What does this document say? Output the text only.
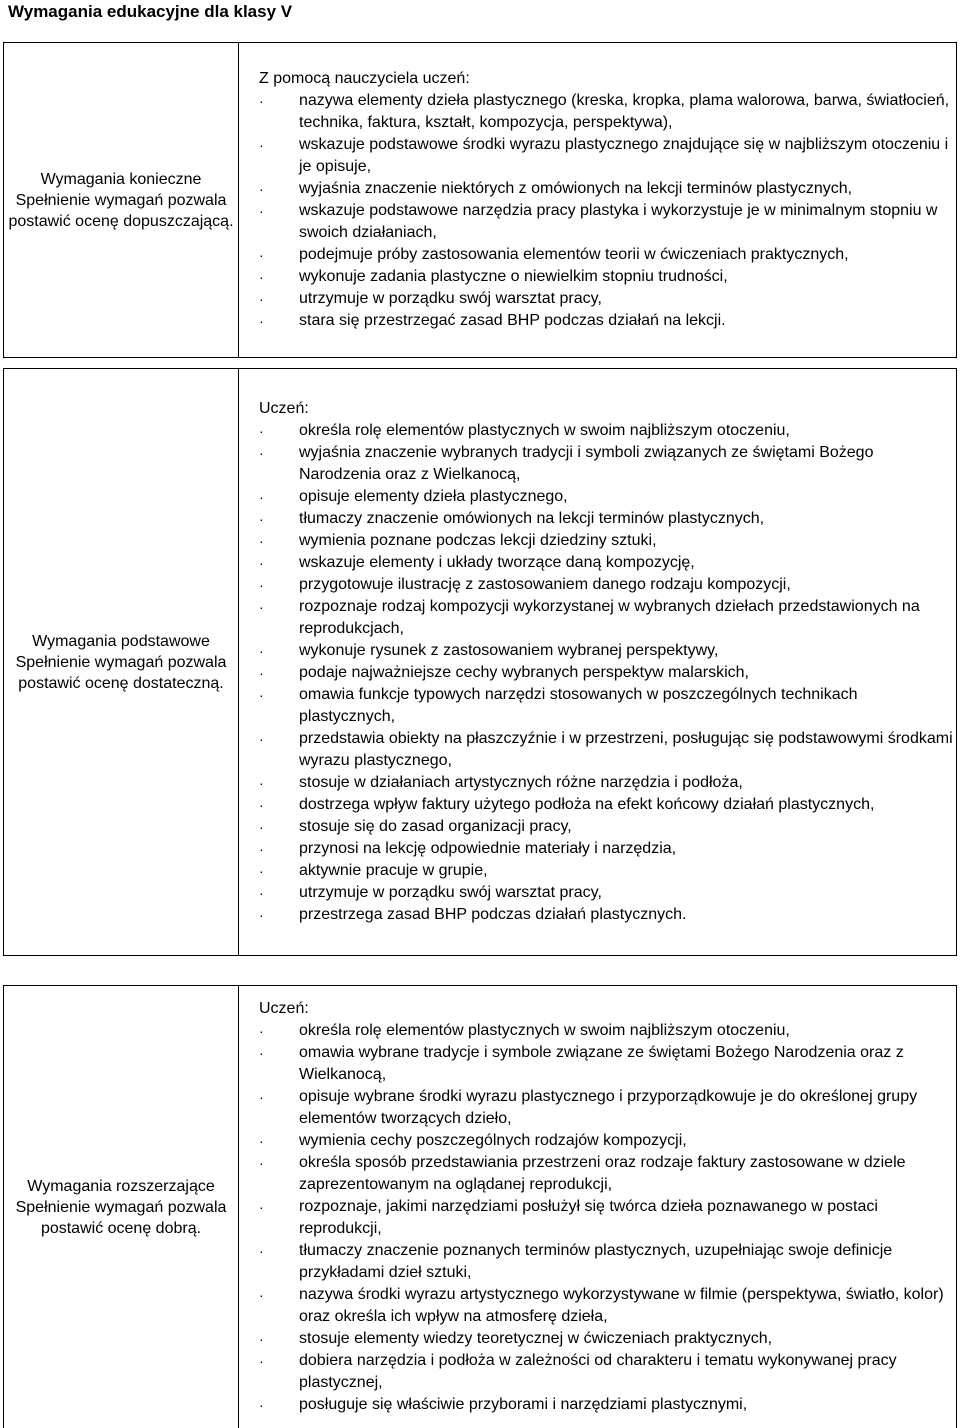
Wymagania edukacyjne dla klasy V
Wymagania konieczne
Spełnienie wymagań pozwala postawić ocenę dopuszczającą.

Z pomocą nauczyciela uczeń:
· nazywa elementy dzieła plastycznego (kreska, kropka, plama walorowa, barwa, światłocień, technika, faktura, kształt, kompozycja, perspektywa),
· wskazuje podstawowe środki wyrazu plastycznego znajdujące się w najbliższym otoczeniu i je opisuje,
· wyjaśnia znaczenie niektórych z omówionych na lekcji terminów plastycznych,
· wskazuje podstawowe narzędzia pracy plastyka i wykorzystuje je w minimalnym stopniu w swoich działaniach,
· podejmuje próby zastosowania elementów teorii w ćwiczeniach praktycznych,
· wykonuje zadania plastyczne o niewielkim stopniu trudności,
· utrzymuje w porządku swój warsztat pracy,
· stara się przestrzegać zasad BHP podczas działań na lekcji.
Wymagania podstawowe
Spełnienie wymagań pozwala postawić ocenę dostateczną.

Uczeń:
· określa rolę elementów plastycznych w swoim najbliższym otoczeniu,
· wyjaśnia znaczenie wybranych tradycji i symboli związanych ze świętami Bożego Narodzenia oraz z Wielkanocą,
· opisuje elementy dzieła plastycznego,
· tłumaczy znaczenie omówionych na lekcji terminów plastycznych,
· wymienia poznane podczas lekcji dziedziny sztuki,
· wskazuje elementy i układy tworzące daną kompozycję,
· przygotowuje ilustrację z zastosowaniem danego rodzaju kompozycji,
· rozpoznaje rodzaj kompozycji wykorzystanej w wybranych dziełach przedstawionych na reprodukcjach,
· wykonuje rysunek z zastosowaniem wybranej perspektywy,
· podaje najważniejsze cechy wybranych perspektyw malarskich,
· omawia funkcje typowych narzędzi stosowanych w poszczególnych technikach plastycznych,
· przedstawia obiekty na płaszczyźnie i w przestrzeni, posługując się podstawowymi środkami wyrazu plastycznego,
· stosuje w działaniach artystycznych różne narzędzia i podłoża,
· dostrzega wpływ faktury użytego podłoża na efekt końcowy działań plastycznych,
· stosuje się do zasad organizacji pracy,
· przynosi na lekcję odpowiednie materiały i narzędzia,
· aktywnie pracuje w grupie,
· utrzymuje w porządku swój warsztat pracy,
· przestrzega zasad BHP podczas działań plastycznych.
Wymagania rozszerzające
Spełnienie wymagań pozwala postawić ocenę dobrą.

Uczeń:
· określa rolę elementów plastycznych w swoim najbliższym otoczeniu,
· omawia wybrane tradycje i symbole związane ze świętami Bożego Narodzenia oraz z Wielkanocą,
· opisuje wybrane środki wyrazu plastycznego i przyporządkowuje je do określonej grupy elementów tworzących dzieło,
· wymienia cechy poszczególnych rodzajów kompozycji,
· określa sposób przedstawiania przestrzeni oraz rodzaje faktury zastosowane w dziele zaprezentowanym na oglądanej reprodukcji,
· rozpoznaje, jakimi narzędziami posłużył się twórca dzieła poznawanego w postaci reprodukcji,
· tłumaczy znaczenie poznanych terminów plastycznych, uzupełniając swoje definicje przykładami dzieł sztuki,
· nazywa środki wyrazu artystycznego wykorzystywane w filmie (perspektywa, światło, kolor) oraz określa ich wpływ na atmosferę dzieła,
· stosuje elementy wiedzy teoretycznej w ćwiczeniach praktycznych,
· dobiera narzędzia i podłoża w zależności od charakteru i tematu wykonywanej pracy plastycznej,
· posługuje się właściwie przyborami i narzędziami plastycznymi,
